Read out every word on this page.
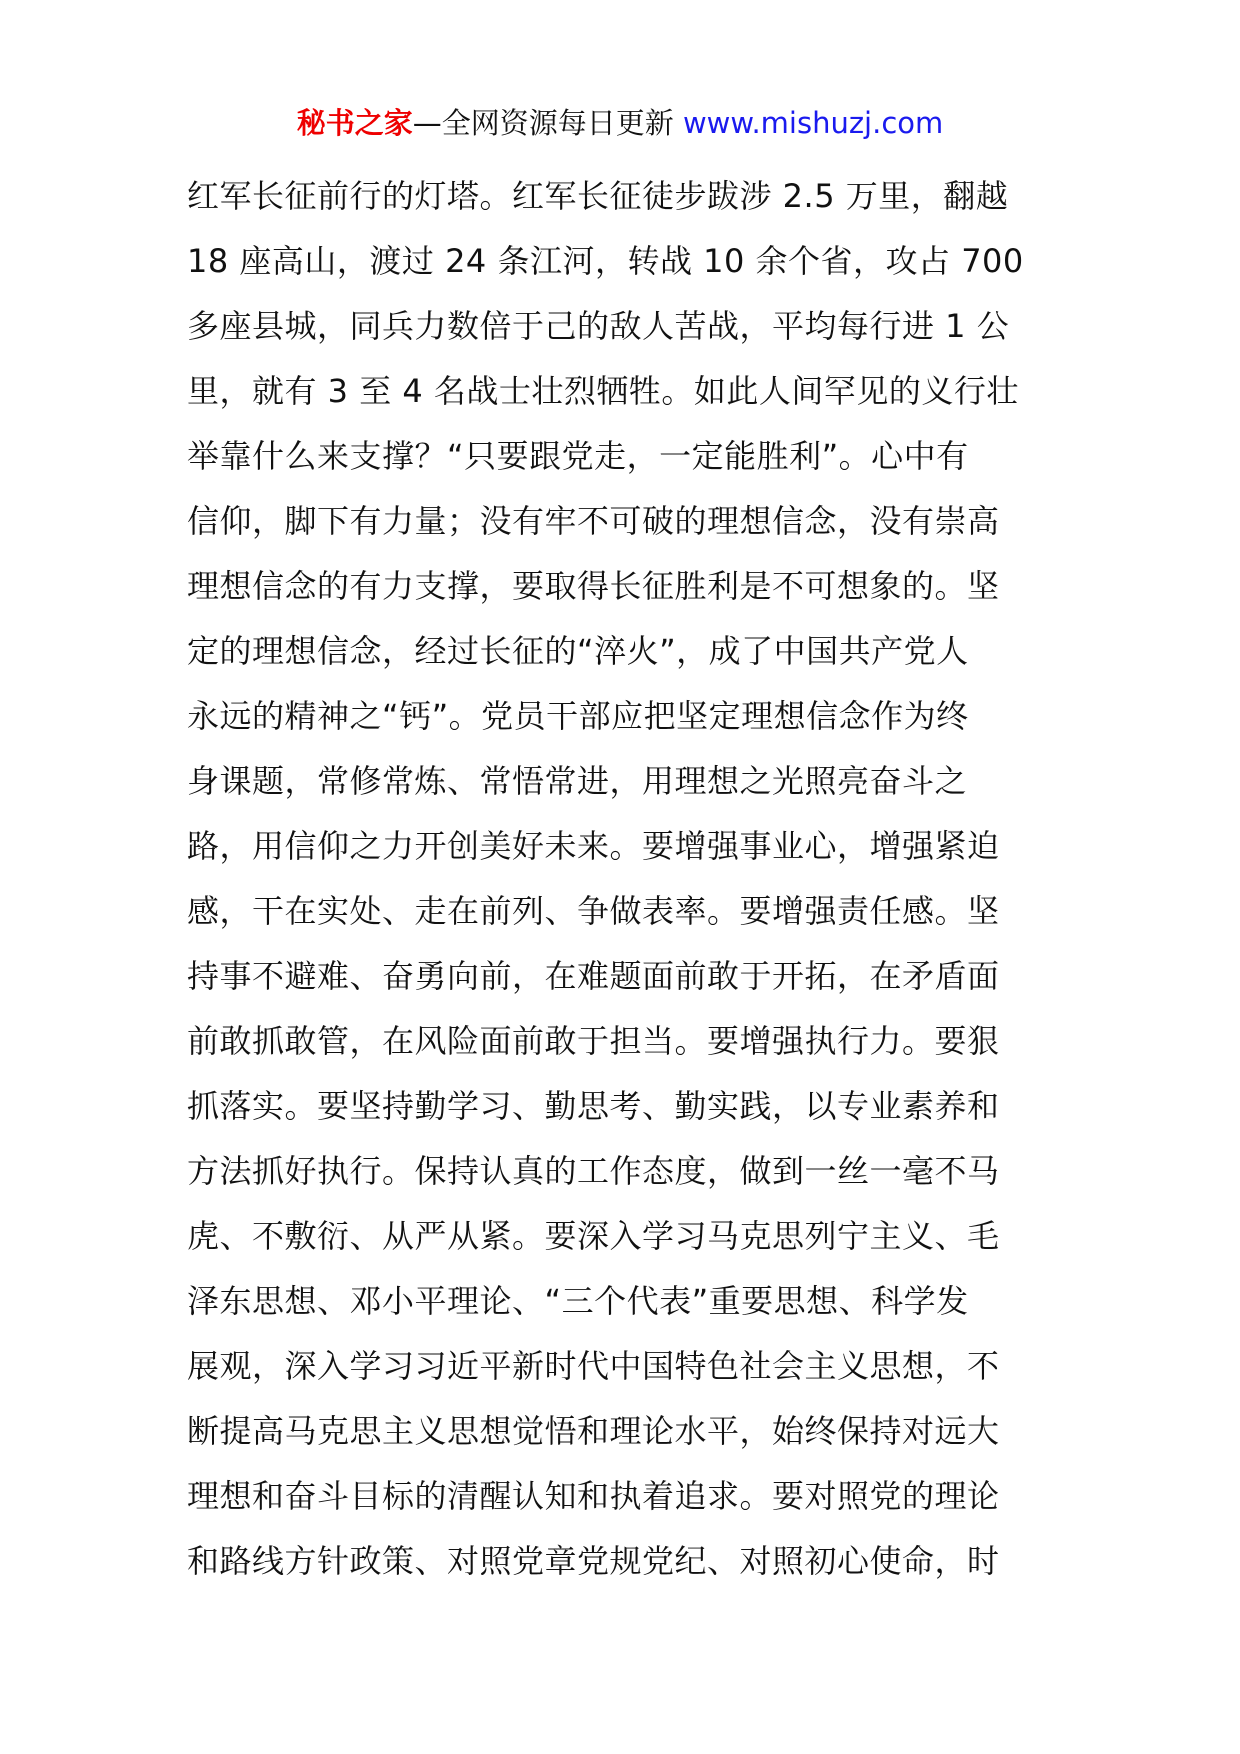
秘书之家—全网资源每日更新 www.mishuzj.com
红军长征前行的灯塔。红军长征徒步跋涉 2.5 万里，翻越
18 座高山，渡过 24 条江河，转战 10 余个省，攻占 700
多座县城，同兵力数倍于己的敌人苦战，平均每行进 1 公
里，就有 3 至 4 名战士壮烈牺牲。如此人间罕见的义行壮
举靠什么来支撑？“只要跟党走，一定能胜利”。心中有
信仰，脚下有力量；没有牢不可破的理想信念，没有崇高
理想信念的有力支撑，要取得长征胜利是不可想象的。坚
定的理想信念，经过长征的“淬火”，成了中国共产党人
永远的精神之“钙”。党员干部应把坚定理想信念作为终
身课题，常修常炼、常悟常进，用理想之光照亮奋斗之
路，用信仰之力开创美好未来。要增强事业心，增强紧迫
感，干在实处、走在前列、争做表率。要增强责任感。坚
持事不避难、奋勇向前，在难题面前敢于开拓，在矛盾面
前敢抓敢管，在风险面前敢于担当。要增强执行力。要狠
抓落实。要坚持勤学习、勤思考、勤实践，以专业素养和
方法抓好执行。保持认真的工作态度，做到一丝一毫不马
虎、不敷衍、从严从紧。要深入学习马克思列宁主义、毛
泽东思想、邓小平理论、“三个代表”重要思想、科学发
展观，深入学习习近平新时代中国特色社会主义思想，不
断提高马克思主义思想觉悟和理论水平，始终保持对远大
理想和奋斗目标的清醒认知和执着追求。要对照党的理论
和路线方针政策、对照党章党规党纪、对照初心使命，时
